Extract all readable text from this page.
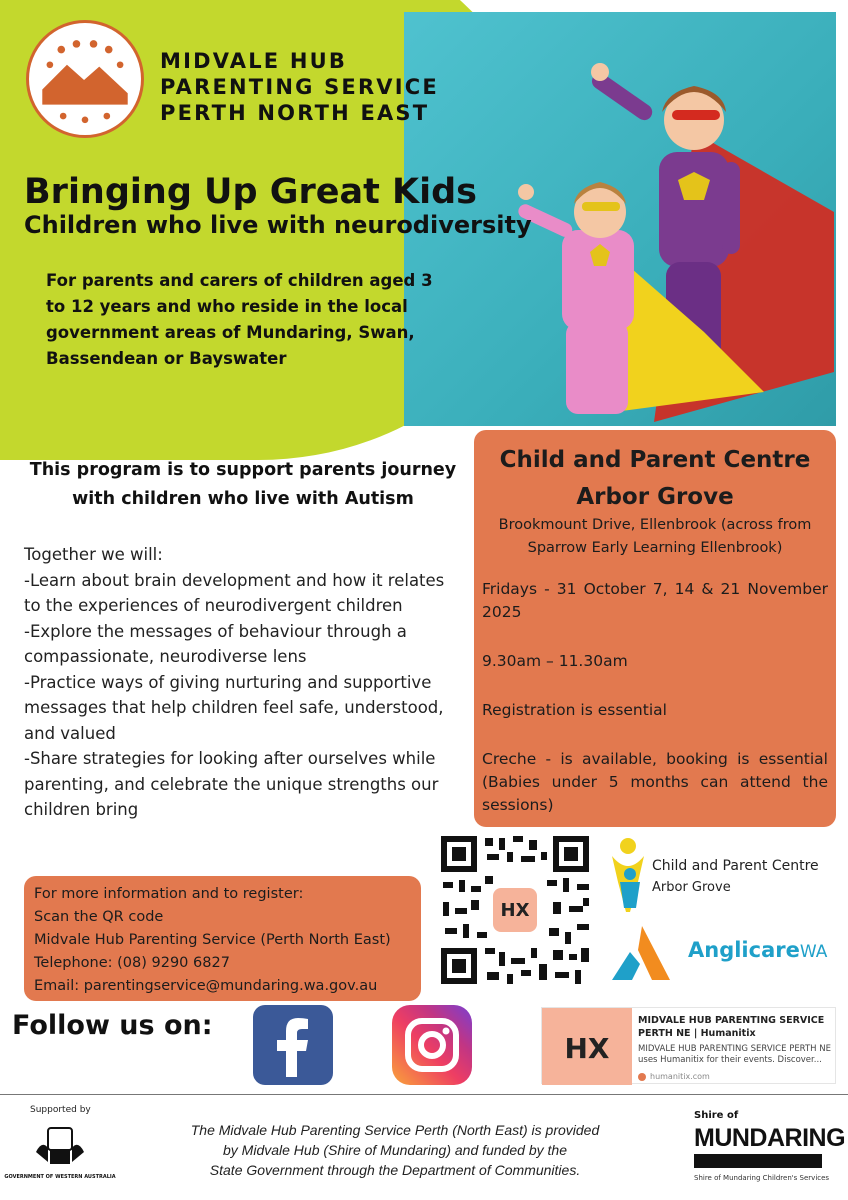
MIDVALE HUB
PARENTING SERVICE
PERTH NORTH EAST
Bringing Up Great Kids
Children who live with neurodiversity
For parents and carers of children aged 3 to 12 years and who reside in the local government areas of Mundaring, Swan, Bassendean or Bayswater
This program is to support parents journey with children who live with Autism
Together we will:
-Learn about brain development and how it relates to the experiences of neurodivergent children
-Explore the messages of behaviour through a compassionate, neurodiverse lens
-Practice ways of giving nurturing and supportive messages that help children feel safe, understood, and valued
-Share strategies for looking after ourselves while parenting, and celebrate the unique strengths our children bring
Child and Parent Centre
Arbor Grove
Brookmount Drive, Ellenbrook (across from Sparrow Early Learning Ellenbrook)
Fridays - 31 October 7, 14 & 21 November 2025
9.30am – 11.30am
Registration is essential
Creche - is available, booking is essential (Babies under 5 months can attend the sessions)
For more information and to register:
Scan the QR code
Midvale Hub Parenting Service (Perth North East)
Telephone: (08) 9290 6827
Email: parentingservice@mundaring.wa.gov.au
HX
Child and Parent Centre
Arbor Grove
AnglicareWA
Follow us on:
HX
MIDVALE HUB PARENTING SERVICE PERTH NE | Humanitix
MIDVALE HUB PARENTING SERVICE PERTH NE uses Humanitix for their events. Discover...
humanitix.com
Supported by
GOVERNMENT OF WESTERN AUSTRALIA
The Midvale Hub Parenting Service Perth (North East) is provided
by Midvale Hub (Shire of Mundaring) and funded by the
State Government through the Department of Communities.
Shire of
MUNDARING
Shire of Mundaring Children's Services
